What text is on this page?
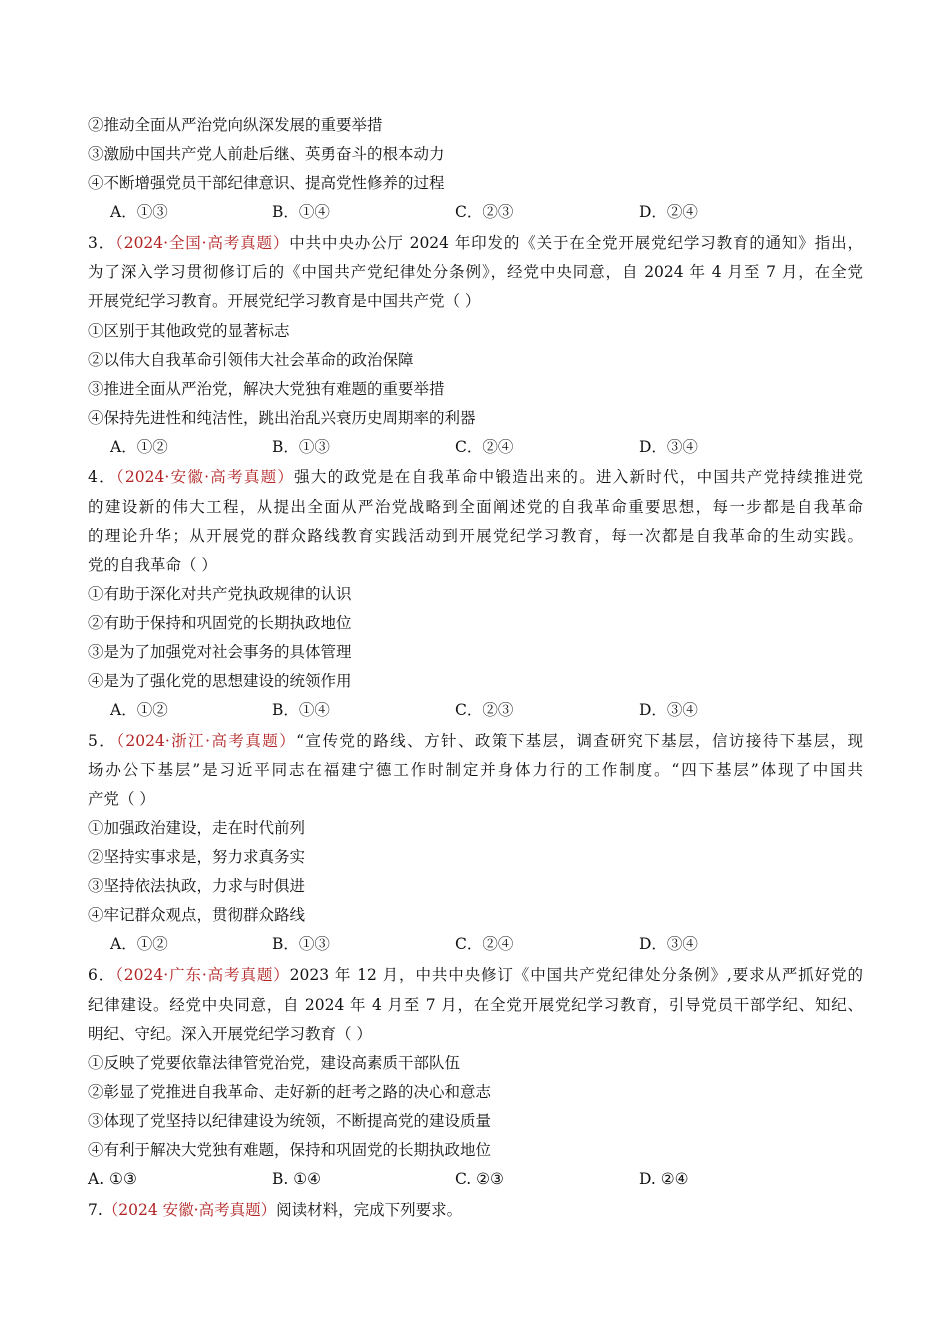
②推动全面从严治党向纵深发展的重要举措
③激励中国共产党人前赴后继、英勇奋斗的根本动力
④不断增强党员干部纪律意识、提高党性修养的过程
A．①③	B．①④	C．②③	D．②④
3．（2024·全国·高考真题）中共中央办公厅 2024 年印发的《关于在全党开展党纪学习教育的通知》指出，
为了深入学习贯彻修订后的《中国共产党纪律处分条例》，经党中央同意，自 2024 年 4 月至 7 月，在全党
开展党纪学习教育。开展党纪学习教育是中国共产党（ ）
①区别于其他政党的显著标志
②以伟大自我革命引领伟大社会革命的政治保障
③推进全面从严治党，解决大党独有难题的重要举措
④保持先进性和纯洁性，跳出治乱兴衰历史周期率的利器
A．①②	B．①③	C．②④	D．③④
4．（2024·安徽·高考真题）强大的政党是在自我革命中锻造出来的。进入新时代，中国共产党持续推进党
的建设新的伟大工程，从提出全面从严治党战略到全面阐述党的自我革命重要思想，每一步都是自我革命
的理论升华；从开展党的群众路线教育实践活动到开展党纪学习教育，每一次都是自我革命的生动实践。
党的自我革命（ ）
①有助于深化对共产党执政规律的认识
②有助于保持和巩固党的长期执政地位
③是为了加强党对社会事务的具体管理
④是为了强化党的思想建设的统领作用
A．①②	B．①④	C．②③	D．③④
5．（2024·浙江·高考真题）“宣传党的路线、方针、政策下基层，调查研究下基层，信访接待下基层，现
场办公下基层”是习近平同志在福建宁德工作时制定并身体力行的工作制度。“四下基层”体现了中国共
产党（ ）
①加强政治建设，走在时代前列
②坚持实事求是，努力求真务实
③坚持依法执政，力求与时俱进
④牢记群众观点，贯彻群众路线
A．①②	B．①③	C．②④	D．③④
6．（2024·广东·高考真题）2023 年 12 月，中共中央修订《中国共产党纪律处分条例》,要求从严抓好党的
纪律建设。经党中央同意，自 2024 年 4 月至 7 月，在全党开展党纪学习教育，引导党员干部学纪、知纪、
明纪、守纪。深入开展党纪学习教育（ ）
①反映了党要依靠法律管党治党，建设高素质干部队伍
②彰显了党推进自我革命、走好新的赶考之路的决心和意志
③体现了党坚持以纪律建设为统领，不断提高党的建设质量
④有利于解决大党独有难题，保持和巩固党的长期执政地位
A. ①③	B. ①④	C. ②③	D. ②④
7.（2024 安徽·高考真题）阅读材料，完成下列要求。
